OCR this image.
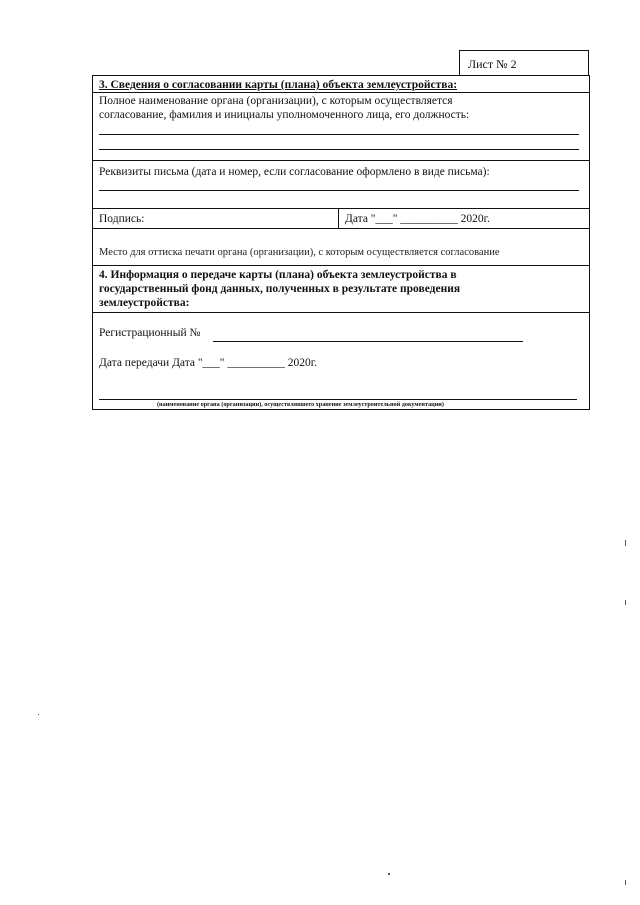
Лист № 2
3. Сведения о согласовании карты (плана) объекта землеустройства:
Полное наименование органа (организации), с которым осуществляется
согласование, фамилия и инициалы уполномоченного лица, его должность:
Реквизиты письма (дата и номер, если согласование оформлено в виде письма):
Подпись:	Дата "___" __________ 2020г.
Место для оттиска печати органа (организации), с которым осуществляется согласование
4. Информация о передаче карты (плана) объекта землеустройства в
государственный фонд данных, полученных в результате проведения
землеустройства:
Регистрационный №
Дата передачи Дата "___" __________ 2020г.
(наименование органа (организации), осуществлявшего хранение землеустроительной документации)
